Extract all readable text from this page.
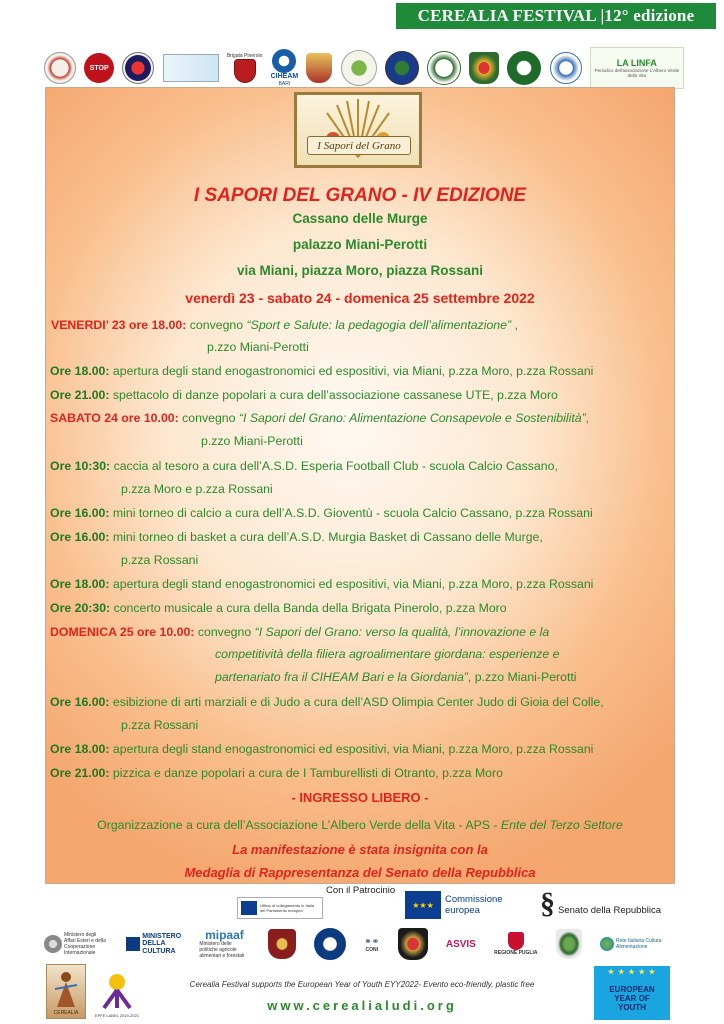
CEREALIA FESTIVAL |12° edizione
STOP
Brigata Pinerolo
CIHEAM
BARI
LA LINFA
Periodico dell'associazione L'Albero Verde della Vita
I Sapori del Grano
I SAPORI DEL GRANO - IV EDIZIONE
Cassano delle Murge
palazzo Miani-Perotti
via Miani, piazza Moro, piazza Rossani
venerdì 23 - sabato 24 - domenica 25 settembre 2022
VENERDI’ 23 ore 18.00: convegno “Sport e Salute: la pedagogia dell’alimentazione” ,
p.zzo Miani-Perotti
Ore 18.00: apertura degli stand enogastronomici ed espositivi, via Miani, p.zza Moro, p.zza Rossani
Ore 21.00: spettacolo di danze popolari a cura dell’associazione cassanese UTE, p.zza Moro
SABATO 24 ore 10.00: convegno “I Sapori del Grano: Alimentazione Consapevole e Sostenibilità”,
p.zzo Miani-Perotti
Ore 10:30: caccia al tesoro a cura dell’A.S.D. Esperia Football Club - scuola Calcio Cassano,
p.zza Moro e p.zza Rossani
Ore 16.00: mini torneo di calcio a cura dell’A.S.D. Gioventù - scuola Calcio Cassano, p.zza Rossani
Ore 16.00: mini torneo di basket a cura dell’A.S.D. Murgia Basket di Cassano delle Murge,
p.zza Rossani
Ore 18.00: apertura degli stand enogastronomici ed espositivi, via Miani, p.zza Moro, p.zza Rossani
Ore 20:30: concerto musicale a cura della Banda della Brigata Pinerolo, p.zza Moro
DOMENICA 25 ore 10.00: convegno “I Sapori del Grano: verso la qualità, l’innovazione e la
competitività della filiera agroalimentare giordana: esperienze e
partenariato fra il CIHEAM Bari e la Giordania”, p.zzo Miani-Perotti
Ore 16.00: esibizione di arti marziali e di Judo a cura dell’ASD Olimpia Center Judo di Gioia del Colle,
p.zza Rossani
Ore 18.00: apertura degli stand enogastronomici ed espositivi, via Miani, p.zza Moro, p.zza Rossani
Ore 21.00: pizzica e danze popolari a cura de I Tamburellisti di Otranto, p.zza Moro
- INGRESSO LIBERO -
Organizzazione a cura dell’Associazione L’Albero Verde della Vita - APS - Ente del Terzo Settore
La manifestazione è stata insignita con la
Medaglia di Rappresentanza del Senato della Repubblica
Con il Patrocinio
Ufficio di collegamento in Italia del Parlamento europeo
★★★	Commissione
europea	§ Senato della Repubblica
Ministero degli Affari Esteri e della Cooperazione Internazionale
MINISTERO
DELLA
CULTURA
mipaaf
Ministero delle politiche agricole alimentari e forestali
⚭⚭
CONI	ASVIS
REGIONE PUGLIA
Rete Italiana Cultura Alimentazione
CEREALIA	EFFE LABEL 2019-2021
Cerealia Festival supports the European Year of Youth EYY2022- Evento eco-friendly, plastic free
www.cerealialudi.org
★ ★ ★ ★ ★
EUROPEAN
YEAR OF
YOUTH
